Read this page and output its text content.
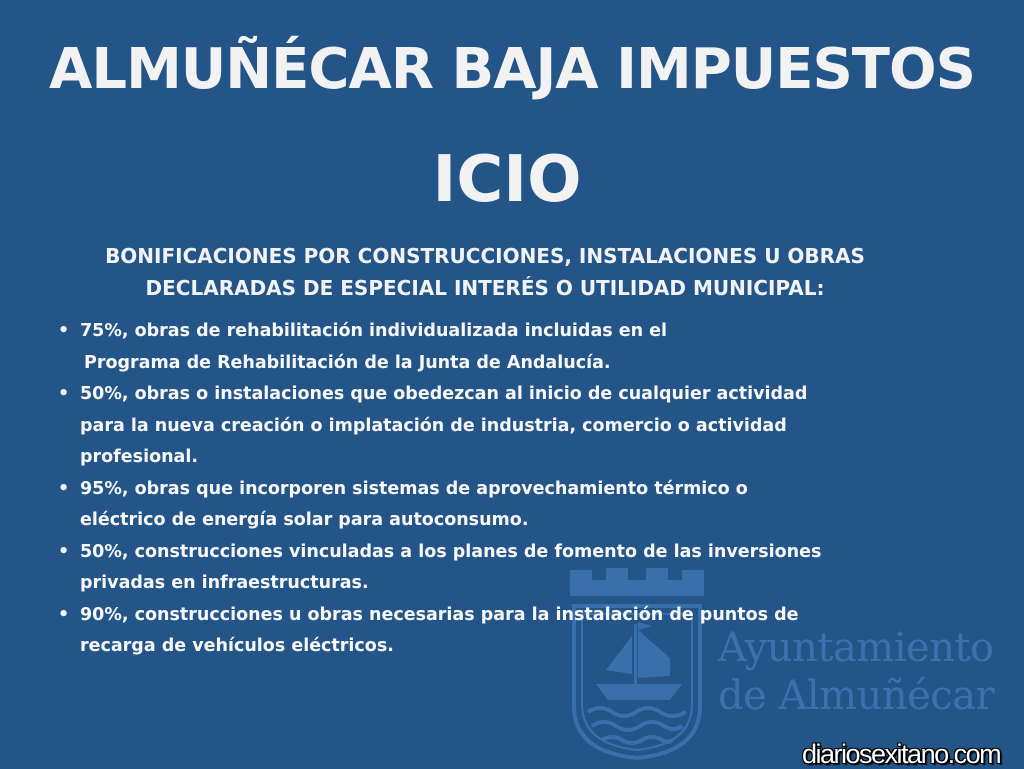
ALMUÑÉCAR BAJA IMPUESTOS
ICIO
BONIFICACIONES POR CONSTRUCCIONES, INSTALACIONES U OBRAS
DECLARADAS DE ESPECIAL INTERÉS O UTILIDAD MUNICIPAL:
• 75%, obras de rehabilitación individualizada incluidas en el
Programa de Rehabilitación de la Junta de Andalucía.
• 50%, obras o instalaciones que obedezcan al inicio de cualquier actividad
para la nueva creación o implatación de industria, comercio o actividad
profesional.
• 95%, obras que incorporen sistemas de aprovechamiento térmico o
eléctrico de energía solar para autoconsumo.
• 50%, construcciones vinculadas a los planes de fomento de las inversiones
privadas en infraestructuras.
• 90%, construcciones u obras necesarias para la instalación de puntos de
recarga de vehículos eléctricos.	Ayuntamiento
de Almuñécar
diariosexitano.com
